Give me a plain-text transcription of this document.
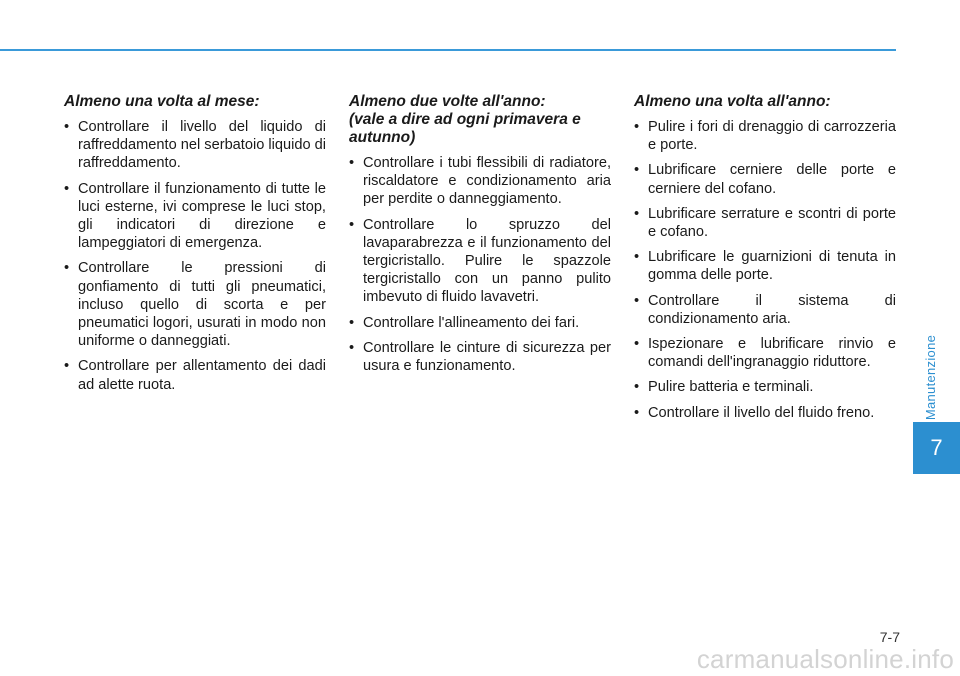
Almeno una volta al mese:
• Controllare il livello del liquido di raffreddamento nel serbatoio liquido di raffreddamento.
• Controllare il funzionamento di tutte le luci esterne, ivi comprese le luci stop, gli indicatori di direzione e lampeggiatori di emergenza.
• Controllare le pressioni di gonfiamento di tutti gli pneumatici, incluso quello di scorta e per pneumatici logori, usurati in modo non uniforme o danneggiati.
• Controllare per allentamento dei dadi ad alette ruota.
Almeno due volte all'anno:
(vale a dire ad ogni primavera e autunno)
• Controllare i tubi flessibili di radiatore, riscaldatore e condizionamento aria per perdite o danneggiamento.
• Controllare lo spruzzo del lavaparabrezza e il funzionamento del tergicristallo. Pulire le spazzole tergicristallo con un panno pulito imbevuto di fluido lavavetri.
• Controllare l'allineamento dei fari.
• Controllare le cinture di sicurezza per usura e funzionamento.
Almeno una volta all'anno:
• Pulire i fori di drenaggio di carrozzeria e porte.
• Lubrificare cerniere delle porte e cerniere del cofano.
• Lubrificare serrature e scontri di porte e cofano.
• Lubrificare le guarnizioni di tenuta in gomma delle porte.
• Controllare il sistema di condizionamento aria.
• Ispezionare e lubrificare rinvio e comandi dell'ingranaggio riduttore.
• Pulire batteria e terminali.
• Controllare il livello del fluido freno.	Manutenzione
7
7-7
carmanualsonline.info
